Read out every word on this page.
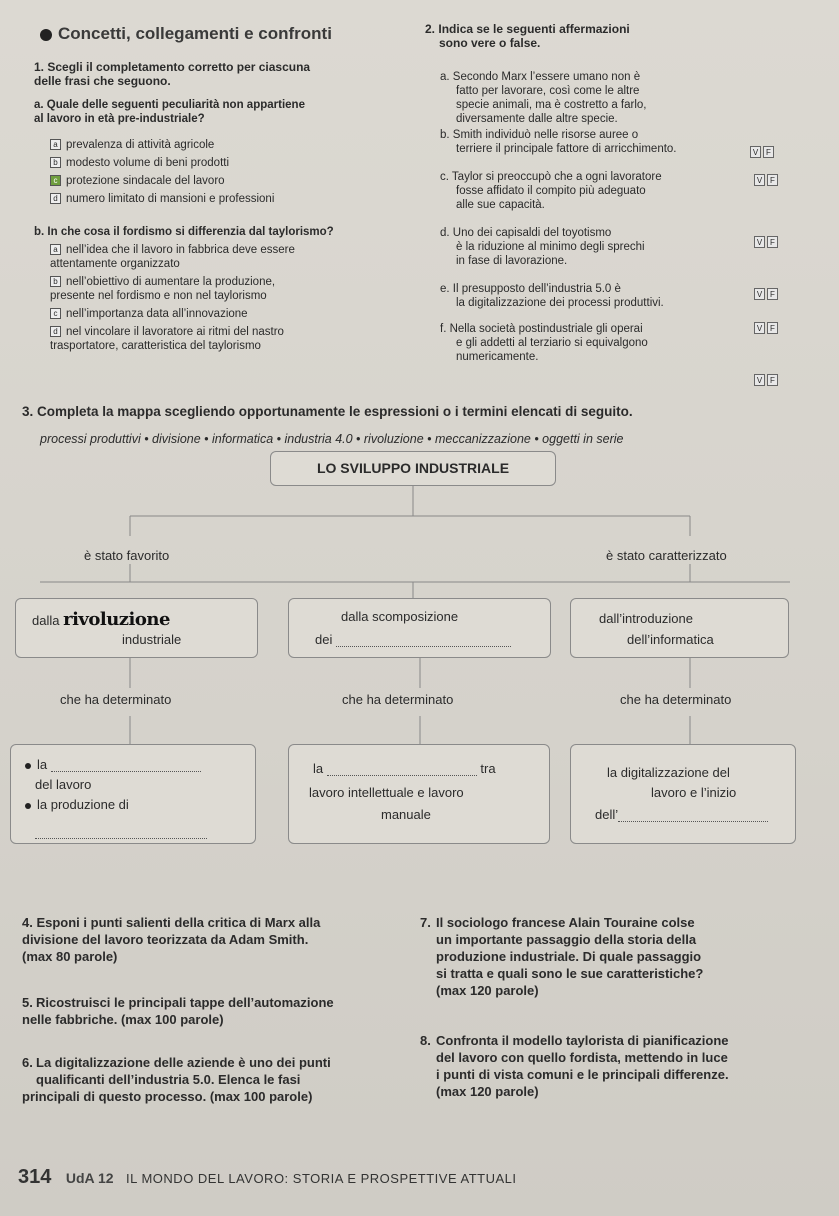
Concetti, collegamenti e confronti
1. Scegli il completamento corretto per ciascuna
delle frasi che seguono.
a. Quale delle seguenti peculiarità non appartiene
al lavoro in età pre-industriale?
a prevalenza di attività agricole
b modesto volume di beni prodotti
c protezione sindacale del lavoro
d numero limitato di mansioni e professioni
b. In che cosa il fordismo si differenzia dal taylorismo?
a nell’idea che il lavoro in fabbrica deve essere
attentamente organizzato
b nell’obiettivo di aumentare la produzione,
presente nel fordismo e non nel taylorismo
c nell’importanza data all’innovazione
d nel vincolare il lavoratore ai ritmi del nastro
trasportatore, caratteristica del taylorismo
2. Indica se le seguenti affermazioni
sono vere o false.
a. Secondo Marx l’essere umano non è
fatto per lavorare, così come le altre
specie animali, ma è costretto a farlo,
diversamente dalle altre specie.
b. Smith individuò nelle risorse auree o
terriere il principale fattore di arricchimento.
c. Taylor si preoccupò che a ogni lavoratore
fosse affidato il compito più adeguato
alle sue capacità.
d. Uno dei capisaldi del toyotismo
è la riduzione al minimo degli sprechi
in fase di lavorazione.
e. Il presupposto dell’industria 5.0 è
la digitalizzazione dei processi produttivi.
f. Nella società postindustriale gli operai
e gli addetti al terziario si equivalgono
numericamente.
V F
V F
V F
V F
V F
V F
3. Completa la mappa scegliendo opportunamente le espressioni o i termini elencati di seguito.
processi produttivi • divisione • informatica • industria 4.0 • rivoluzione • meccanizzazione • oggetti in serie
LO SVILUPPO INDUSTRIALE
è stato favorito	è stato caratterizzato
dalla rivoluzione
industriale
dalla scomposizione
dei
dall’introduzione
dell’informatica
che ha determinato	che ha determinato	che ha determinato
la
del lavoro
la produzione di
la	tra
lavoro intellettuale e lavoro
manuale
la digitalizzazione del
lavoro e l’inizio
dell’
4. Esponi i punti salienti della critica di Marx alla
divisione del lavoro teorizzata da Adam Smith.
(max 80 parole)
5. Ricostruisci le principali tappe dell’automazione
nelle fabbriche. (max 100 parole)
6. La digitalizzazione delle aziende è uno dei punti
qualificanti dell’industria 5.0. Elenca le fasi
principali di questo processo. (max 100 parole)
7. Il sociologo francese Alain Touraine colse
un importante passaggio della storia della
produzione industriale. Di quale passaggio
si tratta e quali sono le sue caratteristiche?
(max 120 parole)
8. Confronta il modello taylorista di pianificazione
del lavoro con quello fordista, mettendo in luce
i punti di vista comuni e le principali differenze.
(max 120 parole)
314 UdA 12 IL MONDO DEL LAVORO: STORIA E PROSPETTIVE ATTUALI
